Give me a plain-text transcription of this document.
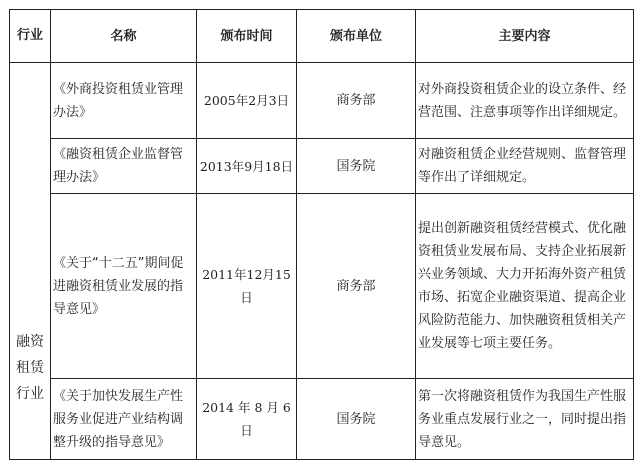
行业	名称	颁布时间	颁布单位	主要内容
融资租赁行业	《外商投资租赁业管理办法》	2005年2月3日	商务部	对外商投资租赁企业的设立条件、经营范围、注意事项等作出详细规定。
	《融资租赁企业监督管理办法》	2013年9月18日	国务院	对融资租赁企业经营规则、监督管理等作出了详细规定。
	《关于“十二五”期间促进融资租赁业发展的指导意见》	2011年12月15日	商务部	提出创新融资租赁经营模式、优化融资租赁业发展布局、支持企业拓展新兴业务领域、大力开拓海外资产租赁市场、拓宽企业融资渠道、提高企业风险防范能力、加快融资租赁相关产业发展等七项主要任务。
	《关于加快发展生产性服务业促进产业结构调整升级的指导意见》	2014 年 8 月 6 日	国务院	第一次将融资租赁作为我国生产性服务业重点发展行业之一，同时提出指导意见。
